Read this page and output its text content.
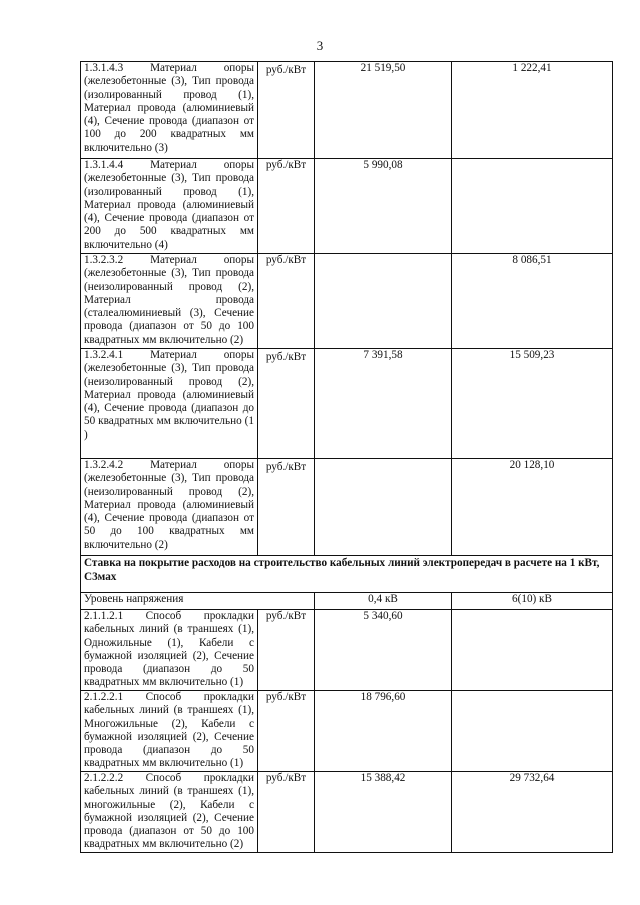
3
1.3.1.4.3 Материал опоры (железобетонные (3), Тип провода (изолированный провод (1), Материал провода (алюминиевый (4), Сечение провода (диапазон от 100 до 200 квадратных мм включительно (3)	руб./кВт	21 519,50	1 222,41
1.3.1.4.4 Материал опоры (железобетонные (3), Тип провода (изолированный провод (1), Материал провода (алюминиевый (4), Сечение провода (диапазон от 200 до 500 квадратных мм включительно (4)	руб./кВт	5 990,08	
1.3.2.3.2 Материал опоры (железобетонные (3), Тип провода (неизолированный провод (2), Материал провода (сталеалюминиевый (3), Сечение провода (диапазон от 50 до 100 квадратных мм включительно (2)	руб./кВт		8 086,51
1.3.2.4.1 Материал опоры (железобетонные (3), Тип провода (неизолированный провод (2), Материал провода (алюминиевый (4), Сечение провода (диапазон до 50 квадратных мм включительно (1 )	руб./кВт	7 391,58	15 509,23
1.3.2.4.2 Материал опоры (железобетонные (3), Тип провода (неизолированный провод (2), Материал провода (алюминиевый (4), Сечение провода (диапазон от 50 до 100 квадратных мм включительно (2)	руб./кВт		20 128,10
Ставка на покрытие расходов на строительство кабельных линий электропередач в расчете на 1 кВт, С3мах			
Уровень напряжения		0,4 кВ	6(10) кВ
2.1.1.2.1 Способ прокладки кабельных линий (в траншеях (1), Одножильные (1), Кабели с бумажной изоляцией (2), Сечение провода (диапазон до 50 квадратных мм включительно (1)	руб./кВт	5 340,60	
2.1.2.2.1 Способ прокладки кабельных линий (в траншеях (1), Многожильные (2), Кабели с бумажной изоляцией (2), Сечение провода (диапазон до 50 квадратных мм включительно (1)	руб./кВт	18 796,60	
2.1.2.2.2 Способ прокладки кабельных линий (в траншеях (1), многожильные (2), Кабели с бумажной изоляцией (2), Сечение провода (диапазон от 50 до 100 квадратных мм включительно (2)	руб./кВт	15 388,42	29 732,64
